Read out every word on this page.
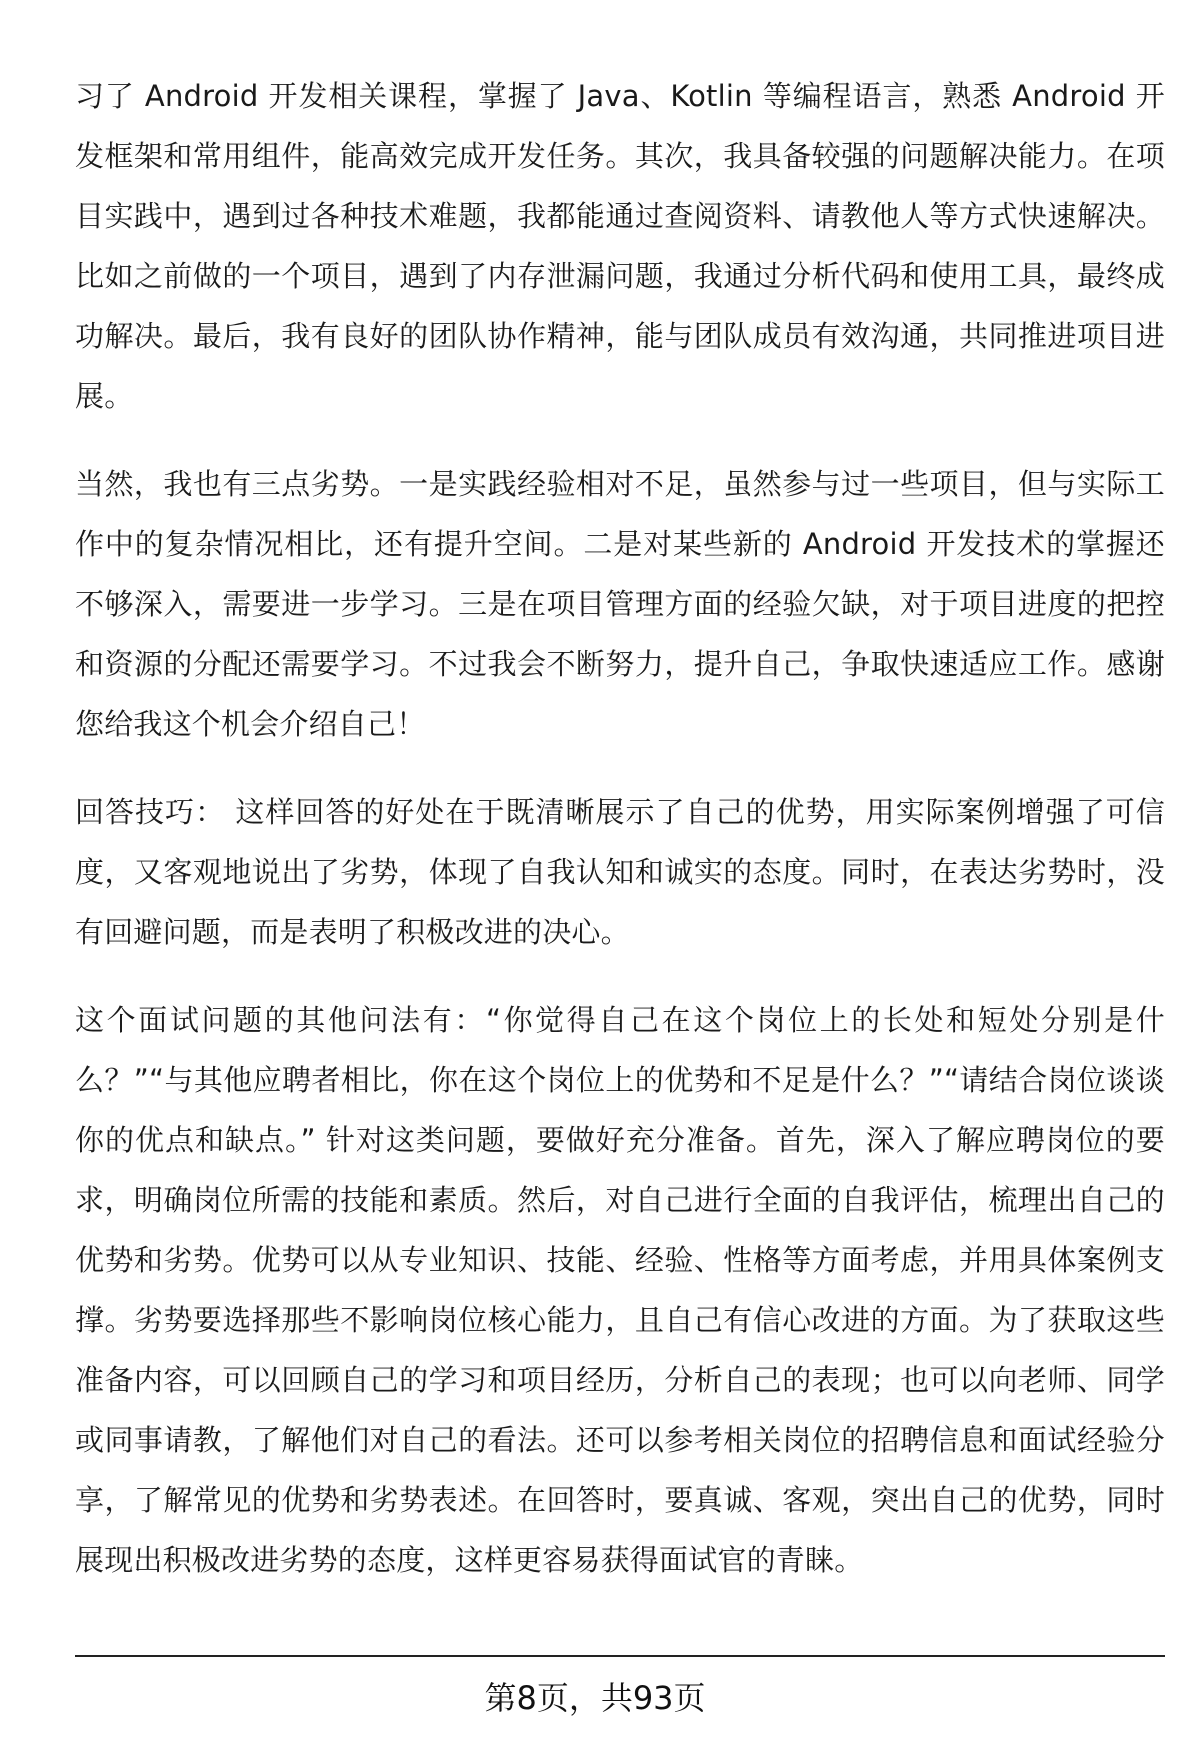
习了 Android 开发相关课程，掌握了 Java、Kotlin 等编程语言，熟悉 Android 开发框架和常用组件，能高效完成开发任务。其次，我具备较强的问题解决能力。在项目实践中，遇到过各种技术难题，我都能通过查阅资料、请教他人等方式快速解决。比如之前做的一个项目，遇到了内存泄漏问题，我通过分析代码和使用工具，最终成功解决。最后，我有良好的团队协作精神，能与团队成员有效沟通，共同推进项目进展。

当然，我也有三点劣势。一是实践经验相对不足，虽然参与过一些项目，但与实际工作中的复杂情况相比，还有提升空间。二是对某些新的 Android 开发技术的掌握还不够深入，需要进一步学习。三是在项目管理方面的经验欠缺，对于项目进度的把控和资源的分配还需要学习。不过我会不断努力，提升自己，争取快速适应工作。感谢您给我这个机会介绍自己！

回答技巧： 这样回答的好处在于既清晰展示了自己的优势，用实际案例增强了可信度，又客观地说出了劣势，体现了自我认知和诚实的态度。同时，在表达劣势时，没有回避问题，而是表明了积极改进的决心。

这个面试问题的其他问法有：“你觉得自己在这个岗位上的长处和短处分别是什么？”“与其他应聘者相比，你在这个岗位上的优势和不足是什么？”“请结合岗位谈谈你的优点和缺点。” 针对这类问题，要做好充分准备。首先，深入了解应聘岗位的要求，明确岗位所需的技能和素质。然后，对自己进行全面的自我评估，梳理出自己的优势和劣势。优势可以从专业知识、技能、经验、性格等方面考虑，并用具体案例支撑。劣势要选择那些不影响岗位核心能力，且自己有信心改进的方面。为了获取这些准备内容，可以回顾自己的学习和项目经历，分析自己的表现；也可以向老师、同学或同事请教，了解他们对自己的看法。还可以参考相关岗位的招聘信息和面试经验分享，了解常见的优势和劣势表述。在回答时，要真诚、客观，突出自己的优势，同时展现出积极改进劣势的态度，这样更容易获得面试官的青睐。

第8页，共93页
